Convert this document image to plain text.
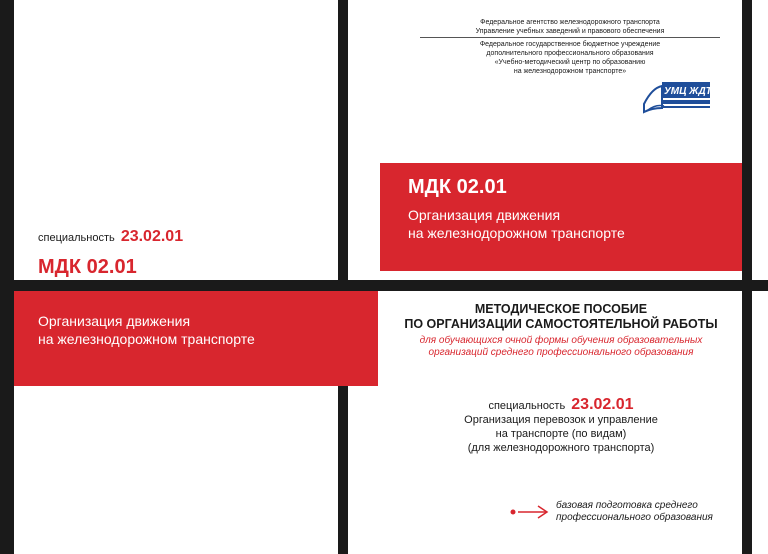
специальность 23.02.01
МДК 02.01
Организация движения
на железнодорожном транспорте
Федеральное агентство железнодорожного транспорта
Управление учебных заведений и правового обеспечения
Федеральное государственное бюджетное учреждение
дополнительного профессионального образования
«Учебно-методический центр по образованию
на железнодорожном транспорте»
УМЦ ЖДТ
МДК 02.01
Организация движения
на железнодорожном транспорте
МЕТОДИЧЕСКОЕ ПОСОБИЕ
ПО ОРГАНИЗАЦИИ САМОСТОЯТЕЛЬНОЙ РАБОТЫ
для обучающихся очной формы обучения образовательных
организаций среднего профессионального образования
специальность 23.02.01
Организация перевозок и управление
на транспорте (по видам)
(для железнодорожного транспорта)
базовая подготовка среднего
профессионального образования
